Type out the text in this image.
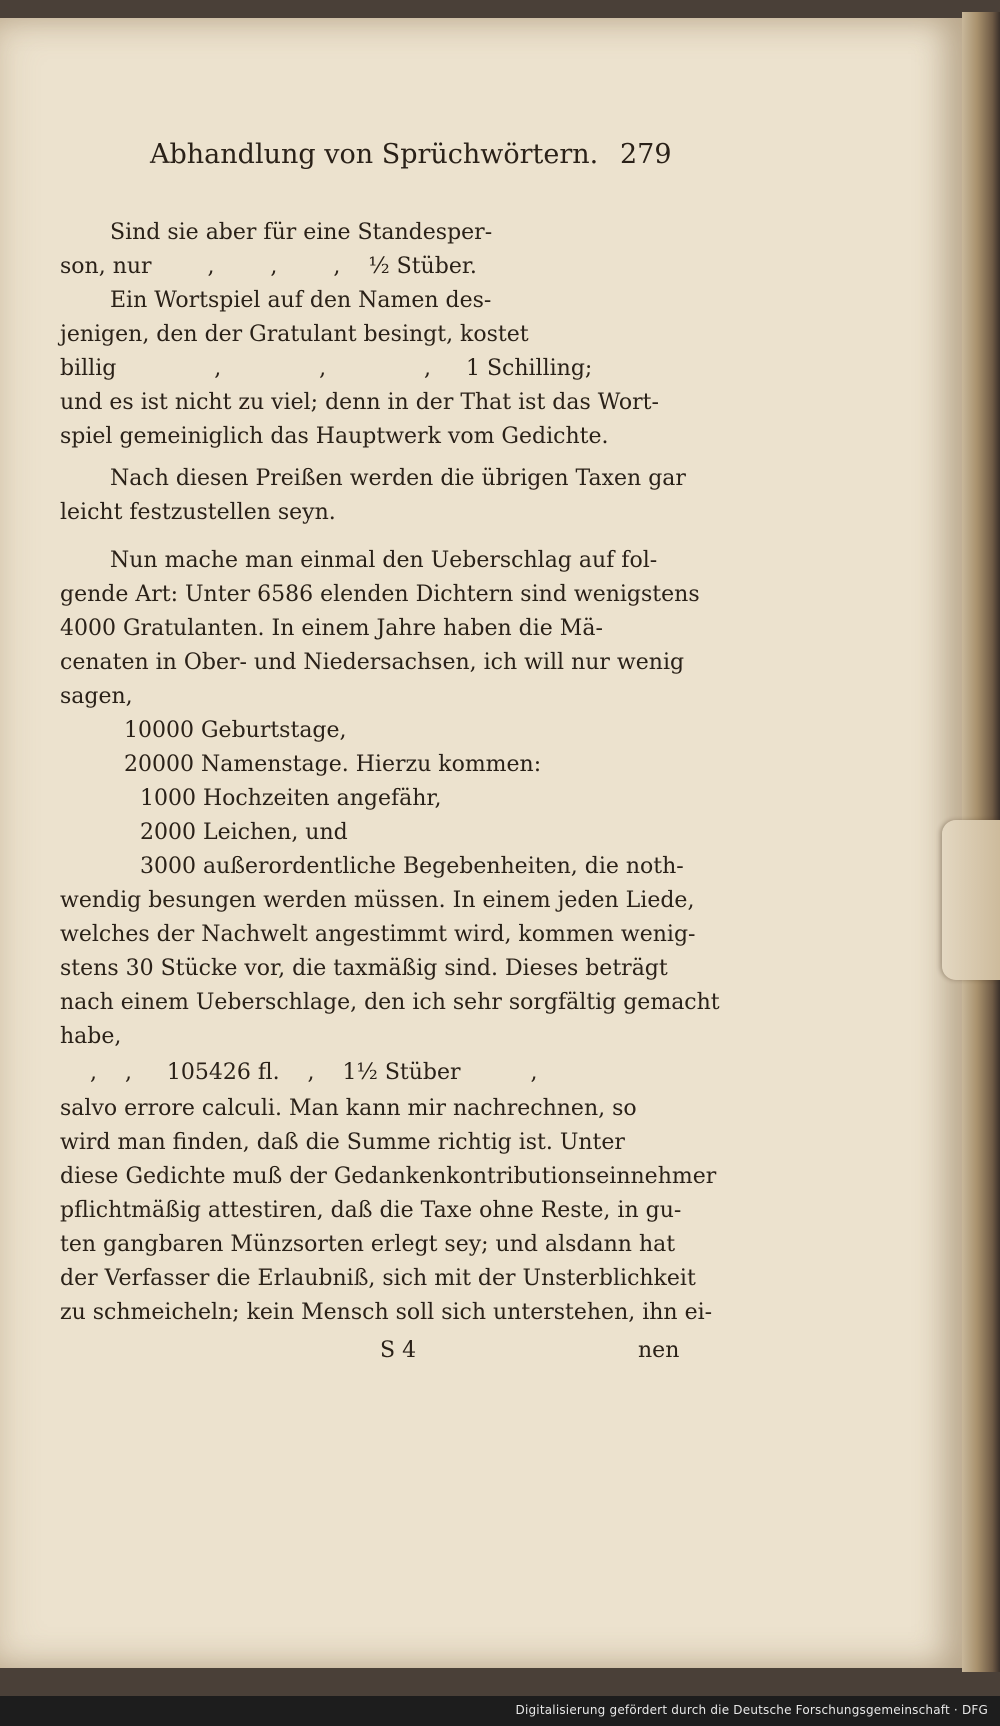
Abhandlung von Sprüchwörtern. 279
Sind sie aber für eine Standesper-
son, nur        ,        ,        ,    ½ Stüber.
Ein Wortspiel auf den Namen des-
jenigen, den der Gratulant besingt, kostet
billig              ,              ,              ,     1 Schilling;
und es ist nicht zu viel; denn in der That ist das Wort-
spiel gemeiniglich das Hauptwerk vom Gedichte.
Nach diesen Preißen werden die übrigen Taxen gar
leicht festzustellen seyn.
Nun mache man einmal den Ueberschlag auf fol-
gende Art: Unter 6586 elenden Dichtern sind wenigstens
4000 Gratulanten. In einem Jahre haben die Mä-
cenaten in Ober- und Niedersachsen, ich will nur wenig
sagen,
10000 Geburtstage,
20000 Namenstage. Hierzu kommen:
1000 Hochzeiten angefähr,
2000 Leichen, und
3000 außerordentliche Begebenheiten, die noth-
wendig besungen werden müssen. In einem jeden Liede,
welches der Nachwelt angestimmt wird, kommen wenig-
stens 30 Stücke vor, die taxmäßig sind. Dieses beträgt
nach einem Ueberschlage, den ich sehr sorgfältig gemacht
habe,
,    ,     105426 fl.    ,    1½ Stüber          ,
salvo errore calculi. Man kann mir nachrechnen, so
wird man finden, daß die Summe richtig ist. Unter
diese Gedichte muß der Gedankenkontributionseinnehmer
pflichtmäßig attestiren, daß die Taxe ohne Reste, in gu-
ten gangbaren Münzsorten erlegt sey; und alsdann hat
der Verfasser die Erlaubniß, sich mit der Unsterblichkeit
zu schmeicheln; kein Mensch soll sich unterstehen, ihn ei-
S 4	nen
Digitalisierung gefördert durch die Deutsche Forschungsgemeinschaft · DFG
